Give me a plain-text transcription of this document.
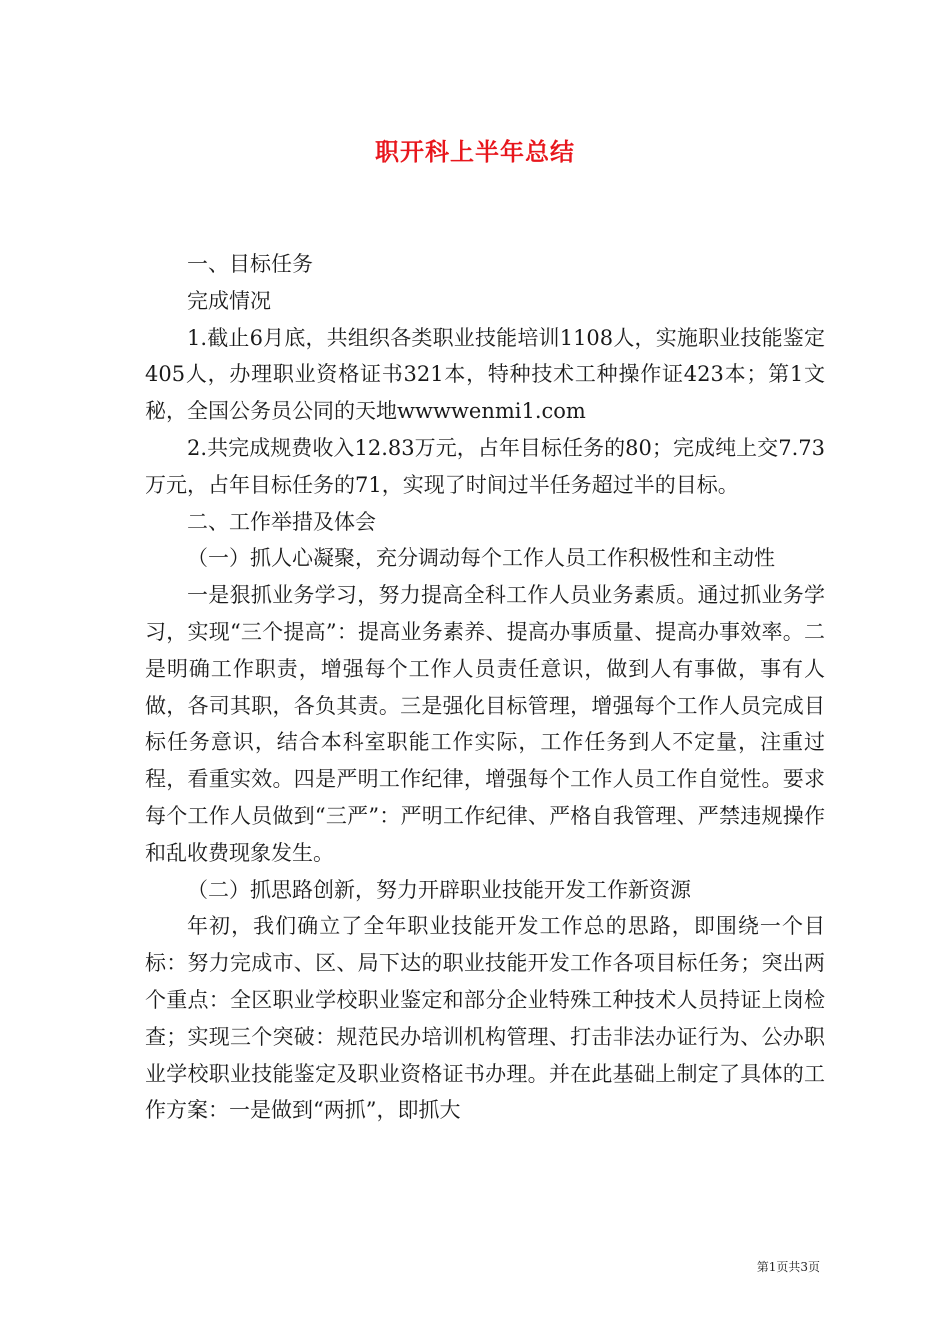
职开科上半年总结

一、目标任务

完成情况

1.截止6月底，共组织各类职业技能培训1108人，实施职业技能鉴定405人，办理职业资格证书321本，特种技术工种操作证423本；第1文秘，全国公务员公同的天地wwwwenmi1.com

2.共完成规费收入12.83万元，占年目标任务的80；完成纯上交7.73万元，占年目标任务的71，实现了时间过半任务超过半的目标。

二、工作举措及体会

（一）抓人心凝聚，充分调动每个工作人员工作积极性和主动性

一是狠抓业务学习，努力提高全科工作人员业务素质。通过抓业务学习，实现“三个提高”：提高业务素养、提高办事质量、提高办事效率。二是明确工作职责，增强每个工作人员责任意识，做到人有事做，事有人做，各司其职，各负其责。三是强化目标管理，增强每个工作人员完成目标任务意识，结合本科室职能工作实际，工作任务到人不定量，注重过程，看重实效。四是严明工作纪律，增强每个工作人员工作自觉性。要求每个工作人员做到“三严”：严明工作纪律、严格自我管理、严禁违规操作和乱收费现象发生。

（二）抓思路创新，努力开辟职业技能开发工作新资源

年初，我们确立了全年职业技能开发工作总的思路，即围绕一个目标：努力完成市、区、局下达的职业技能开发工作各项目标任务；突出两个重点：全区职业学校职业鉴定和部分企业特殊工种技术人员持证上岗检查；实现三个突破：规范民办培训机构管理、打击非法办证行为、公办职业学校职业技能鉴定及职业资格证书办理。并在此基础上制定了具体的工作方案：一是做到“两抓”，即抓大

第1页共3页
